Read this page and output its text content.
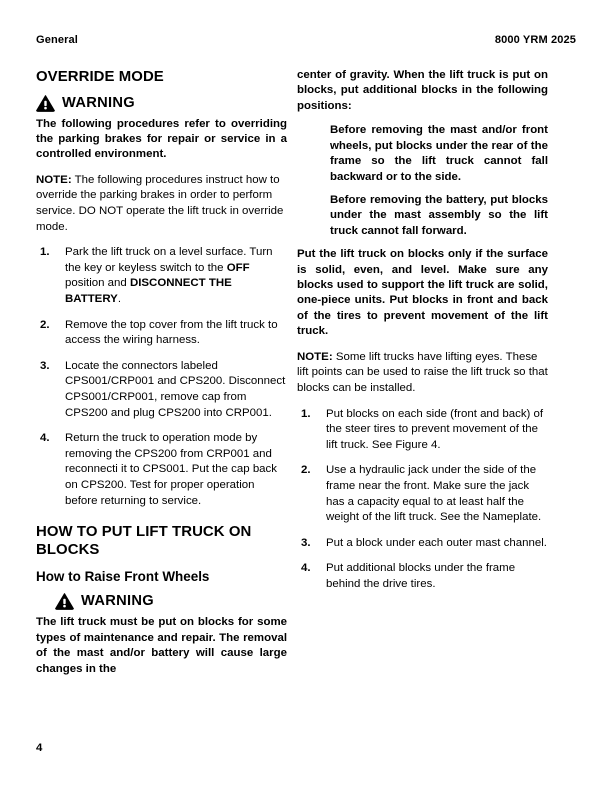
General	8000 YRM 2025
OVERRIDE MODE
WARNING

The following procedures refer to overriding the parking brakes for repair or service in a controlled environment.

NOTE: The following procedures instruct how to override the parking brakes in order to perform service. DO NOT operate the lift truck in override mode.

1. Park the lift truck on a level surface. Turn the key or keyless switch to the OFF position and DISCONNECT THE BATTERY.
2. Remove the top cover from the lift truck to access the wiring harness.
3. Locate the connectors labeled CPS001/CRP001 and CPS200. Disconnect CPS001/CRP001, remove cap from CPS200 and plug CPS200 into CRP001.
4. Return the truck to operation mode by removing the CPS200 from CRP001 and reconnecti it to CPS001. Put the cap back on CPS200. Test for proper operation before returning to service.
HOW TO PUT LIFT TRUCK ON BLOCKS
How to Raise Front Wheels
WARNING

The lift truck must be put on blocks for some types of maintenance and repair. The removal of the mast and/or battery will cause large changes in the

center of gravity. When the lift truck is put on blocks, put additional blocks in the following positions:

Before removing the mast and/or front wheels, put blocks under the rear of the frame so the lift truck cannot fall backward or to the side.

Before removing the battery, put blocks under the mast assembly so the lift truck cannot fall forward.

Put the lift truck on blocks only if the surface is solid, even, and level. Make sure any blocks used to support the lift truck are solid, one-piece units. Put blocks in front and back of the tires to prevent movement of the lift truck.

NOTE: Some lift trucks have lifting eyes. These lift points can be used to raise the lift truck so that blocks can be installed.

1. Put blocks on each side (front and back) of the steer tires to prevent movement of the lift truck. See Figure 4.
2. Use a hydraulic jack under the side of the frame near the front. Make sure the jack has a capacity equal to at least half the weight of the lift truck. See the Nameplate.
3. Put a block under each outer mast channel.
4. Put additional blocks under the frame behind the drive tires.
4
